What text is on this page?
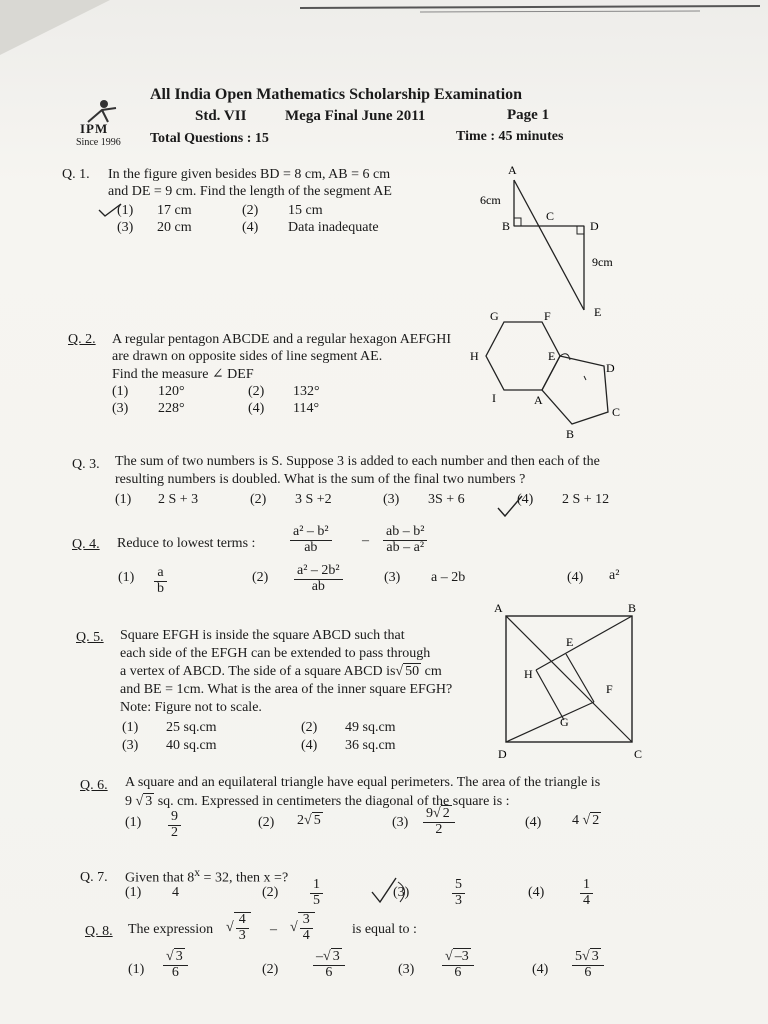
IPM
Since 1996
All India Open Mathematics Scholarship Examination
Std. VII	Mega Final June 2011	Page 1
Total Questions : 15	Time : 45 minutes
Q. 1. In the figure given besides BD = 8 cm, AB = 6 cm
and DE = 9 cm. Find the length of the segment AE
(1) 17 cm	(2) 15 cm
(3) 20 cm	(4) Data inadequate
A
6cm
B
C
D
9cm
E
Q. 2. A regular pentagon ABCDE and a regular hexagon AEFGHI
are drawn on opposite sides of line segment AE.
Find the measure ∠ DEF
(1) 120°	(2) 132°
(3) 228°	(4) 114°
G	F
H	E
D
I	A
C
B
Q. 3. The sum of two numbers is S. Suppose 3 is added to each number and then each of the
resulting numbers is doubled. What is the sum of the final two numbers ?
(1) 2 S + 3	(2) 3 S +2	(3) 3S + 6	(4) 2 S + 12
Q. 4. Reduce to lowest terms : $\frac{\text{a² – b²}}{ab} - \frac{\text{ab – b²}}{\text{ab – a²}}$
$(1) \frac{a}{b}$	$(2) \frac{\text{a² – 2b²}}{ab}$	(3) a – 2b	(4) a²
Q. 5. Square EFGH is inside the square ABCD such that
each side of the EFGH can be extended to pass through
a vertex of ABCD. The side of a square ABCD is√ 50 cm
and BE = 1cm. What is the area of the inner square EFGH?
Note: Figure not to scale.
(1) 25 sq.cm	(2) 49 sq.cm
(3) 40 sq.cm	(4) 36 sq.cm
A	B
E
H
F
G
D	C
Q. 6. A square and an equilateral triangle have equal perimeters. The area of the triangle is
9 √ 3 sq. cm. Expressed in centimeters the diagonal of the square is :
$(1) \frac{9}{2}$	(2) 2√ 5	$(3) \frac{9√ 2}{2}$	(4) 4 √ 2
Q. 7. Given that $8^x = 32$, then x =?
(1) 4	$(2) \frac{1}{5}$	(3)	$\frac{5}{3}$	(4)	$\frac{1}{4}$
Q. 8. The expression √ $\frac{4}{3}$ – √ $\frac{3}{4}$	is equal to :
$(1) \frac{√ 3}{6}$	$(2) \frac{-√ 3}{6}$	$(3) \frac{√ -3}{6}$	$(4) \frac{5√ 3}{6}$
